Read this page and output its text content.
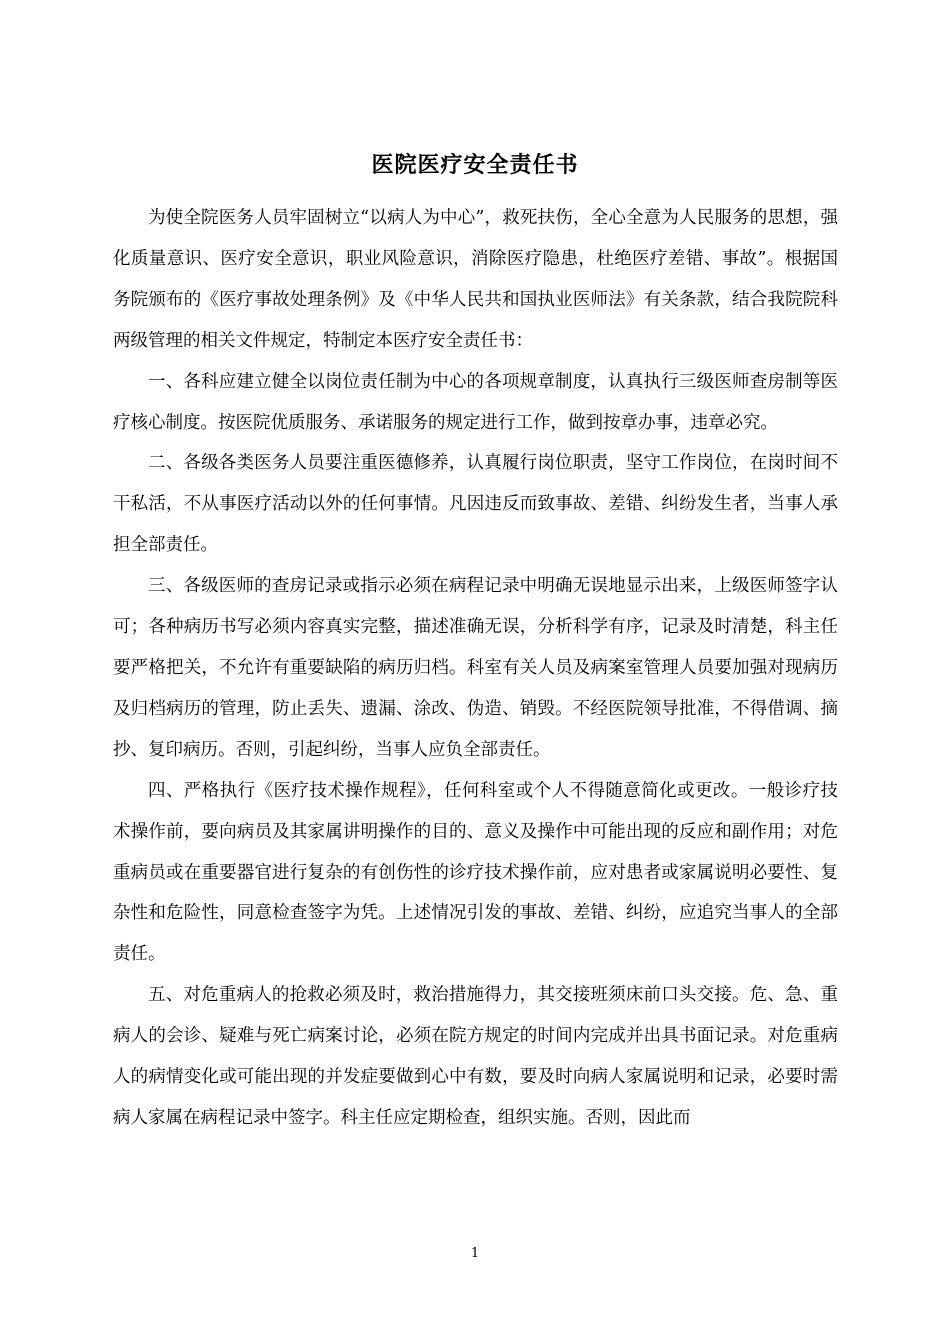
医院医疗安全责任书

为使全院医务人员牢固树立“以病人为中心”，救死扶伤，全心全意为人民服务的思想，强化质量意识、医疗安全意识，职业风险意识，消除医疗隐患，杜绝医疗差错、事故”。根据国务院颁布的《医疗事故处理条例》及《中华人民共和国执业医师法》有关条款，结合我院院科两级管理的相关文件规定，特制定本医疗安全责任书：

一、各科应建立健全以岗位责任制为中心的各项规章制度，认真执行三级医师查房制等医疗核心制度。按医院优质服务、承诺服务的规定进行工作，做到按章办事，违章必究。

二、各级各类医务人员要注重医德修养，认真履行岗位职责，坚守工作岗位，在岗时间不干私活，不从事医疗活动以外的任何事情。凡因违反而致事故、差错、纠纷发生者，当事人承担全部责任。

三、各级医师的查房记录或指示必须在病程记录中明确无误地显示出来，上级医师签字认可；各种病历书写必须内容真实完整，描述准确无误，分析科学有序，记录及时清楚，科主任要严格把关，不允许有重要缺陷的病历归档。科室有关人员及病案室管理人员要加强对现病历及归档病历的管理，防止丢失、遗漏、涂改、伪造、销毁。不经医院领导批准，不得借调、摘抄、复印病历。否则，引起纠纷，当事人应负全部责任。

四、严格执行《医疗技术操作规程》，任何科室或个人不得随意简化或更改。一般诊疗技术操作前，要向病员及其家属讲明操作的目的、意义及操作中可能出现的反应和副作用；对危重病员或在重要器官进行复杂的有创伤性的诊疗技术操作前，应对患者或家属说明必要性、复杂性和危险性，同意检查签字为凭。上述情况引发的事故、差错、纠纷，应追究当事人的全部责任。

五、对危重病人的抢救必须及时，救治措施得力，其交接班须床前口头交接。危、急、重病人的会诊、疑难与死亡病案讨论，必须在院方规定的时间内完成并出具书面记录。对危重病人的病情变化或可能出现的并发症要做到心中有数，要及时向病人家属说明和记录，必要时需病人家属在病程记录中签字。科主任应定期检查，组织实施。否则，因此而

1
